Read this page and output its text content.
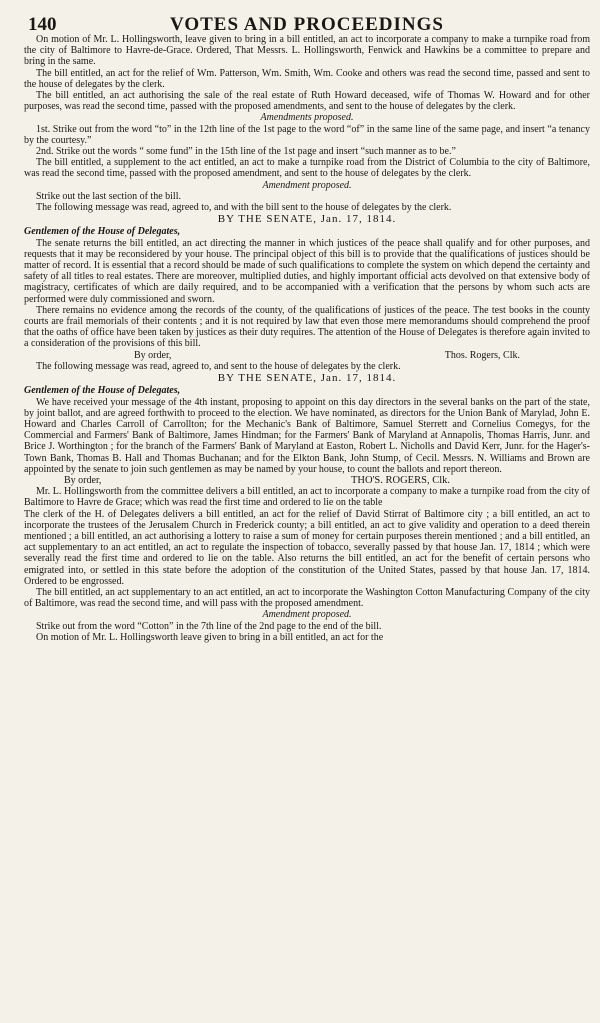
140	VOTES AND PROCEEDINGS

On motion of Mr. L. Hollingsworth, leave given to bring in a bill entitled, an act to incorporate a company to make a turnpike road from the city of Baltimore to Havre-de-Grace. Ordered, That Messrs. L. Hollingsworth, Fenwick and Hawkins be a committee to prepare and bring in the same.

The bill entitled, an act for the relief of Wm. Patterson, Wm. Smith, Wm. Cooke and others was read the second time, passed and sent to the house of delegates by the clerk.

The bill entitled, an act authorising the sale of the real estate of Ruth Howard deceased, wife of Thomas W. Howard and for other purposes, was read the second time, passed with the proposed amendments, and sent to the house of delegates by the clerk.

Amendments proposed.

1st. Strike out from the word “to” in the 12th line of the 1st page to the word “of” in the same line of the same page, and insert “a tenancy by the courtesy.”

2nd. Strike out the words “ some fund” in the 15th line of the 1st page and insert “such manner as to be.”

The bill entitled, a supplement to the act entitled, an act to make a turnpike road from the District of Columbia to the city of Baltimore, was read the second time, passed with the proposed amendment, and sent to the house of delegates by the clerk.

Amendment proposed.

Strike out the last section of the bill.

The following message was read, agreed to, and with the bill sent to the house of delegates by the clerk.

BY THE SENATE, Jan. 17, 1814.

Gentlemen of the House of Delegates,

The senate returns the bill entitled, an act directing the manner in which justices of the peace shall qualify and for other purposes, and requests that it may be reconsidered by your house. The principal object of this bill is to provide that the qualifications of justices should be matter of record. It is essential that a record should be made of such qualifications to complete the system on which depend the certainty and safety of all titles to real estates. There are moreover, multiplied duties, and highly important official acts devolved on that extensive body of magistracy, certificates of which are daily required, and to be accompanied with a verification that the persons by whom such acts are performed were duly commissioned and sworn.

There remains no evidence among the records of the county, of the qualifications of justices of the peace. The test books in the county courts are frail memorials of their contents ; and it is not required by law that even those mere memorandums should comprehend the proof that the oaths of office have been taken by justices as their duty requires. The attention of the House of Delegates is therefore again invited to a consideration of the provisions of this bill.

By order,	Thos. Rogers, Clk.

The following message was read, agreed to, and sent to the house of delegates by the clerk.

BY THE SENATE, Jan. 17, 1814.

Gentlemen of the House of Delegates,

We have received your message of the 4th instant, proposing to appoint on this day directors in the several banks on the part of the state, by joint ballot, and are agreed forthwith to proceed to the election. We have nominated, as directors for the Union Bank of Marylad, John E. Howard and Charles Carroll of Carrollton; for the Mechanic's Bank of Baltimore, Samuel Sterrett and Cornelius Comegys, for the Commercial and Farmers' Bank of Baltimore, James Hindman; for the Farmers' Bank of Maryland at Annapolis, Thomas Harris, Junr. and Brice J. Worthington ; for the branch of the Farmers' Bank of Maryland at Easton, Robert L. Nicholls and David Kerr, Junr. for the Hager's-Town Bank, Thomas B. Hall and Thomas Buchanan; and for the Elkton Bank, John Stump, of Cecil. Messrs. N. Williams and Brown are appointed by the senate to join such gentlemen as may be named by your house, to count the ballots and report thereon.

By order,	THO'S. ROGERS, Clk.

Mr. L. Hollingsworth from the committee delivers a bill entitled, an act to incorporate a company to make a turnpike road from the city of Baltimore to Havre de Grace; which was read the first time and ordered to lie on the table

The clerk of the H. of Delegates delivers a bill entitled, an act for the relief of David Stirrat of Baltimore city ; a bill entitled, an act to incorporate the trustees of the Jerusalem Church in Frederick county; a bill entitled, an act to give validity and operation to a deed therein mentioned ; a bill entitled, an act authorising a lottery to raise a sum of money for certain purposes therein mentioned ; and a bill entitled, an act supplementary to an act entitled, an act to regulate the inspection of tobacco, severally passed by that house Jan. 17, 1814 ; which were severally read the first time and ordered to lie on the table. Also returns the bill entitled, an act for the benefit of certain persons who emigrated into, or settled in this state before the adoption of the constitution of the United States, passed by that house Jan. 17, 1814. Ordered to be engrossed.

The bill entitled, an act supplementary to an act entitled, an act to incorporate the Washington Cotton Manufacturing Company of the city of Baltimore, was read the second time, and will pass with the proposed amendment.

Amendment proposed.

Strike out from the word “Cotton” in the 7th line of the 2nd page to the end of the bill.

On motion of Mr. L. Hollingsworth leave given to bring in a bill entitled, an act for the
